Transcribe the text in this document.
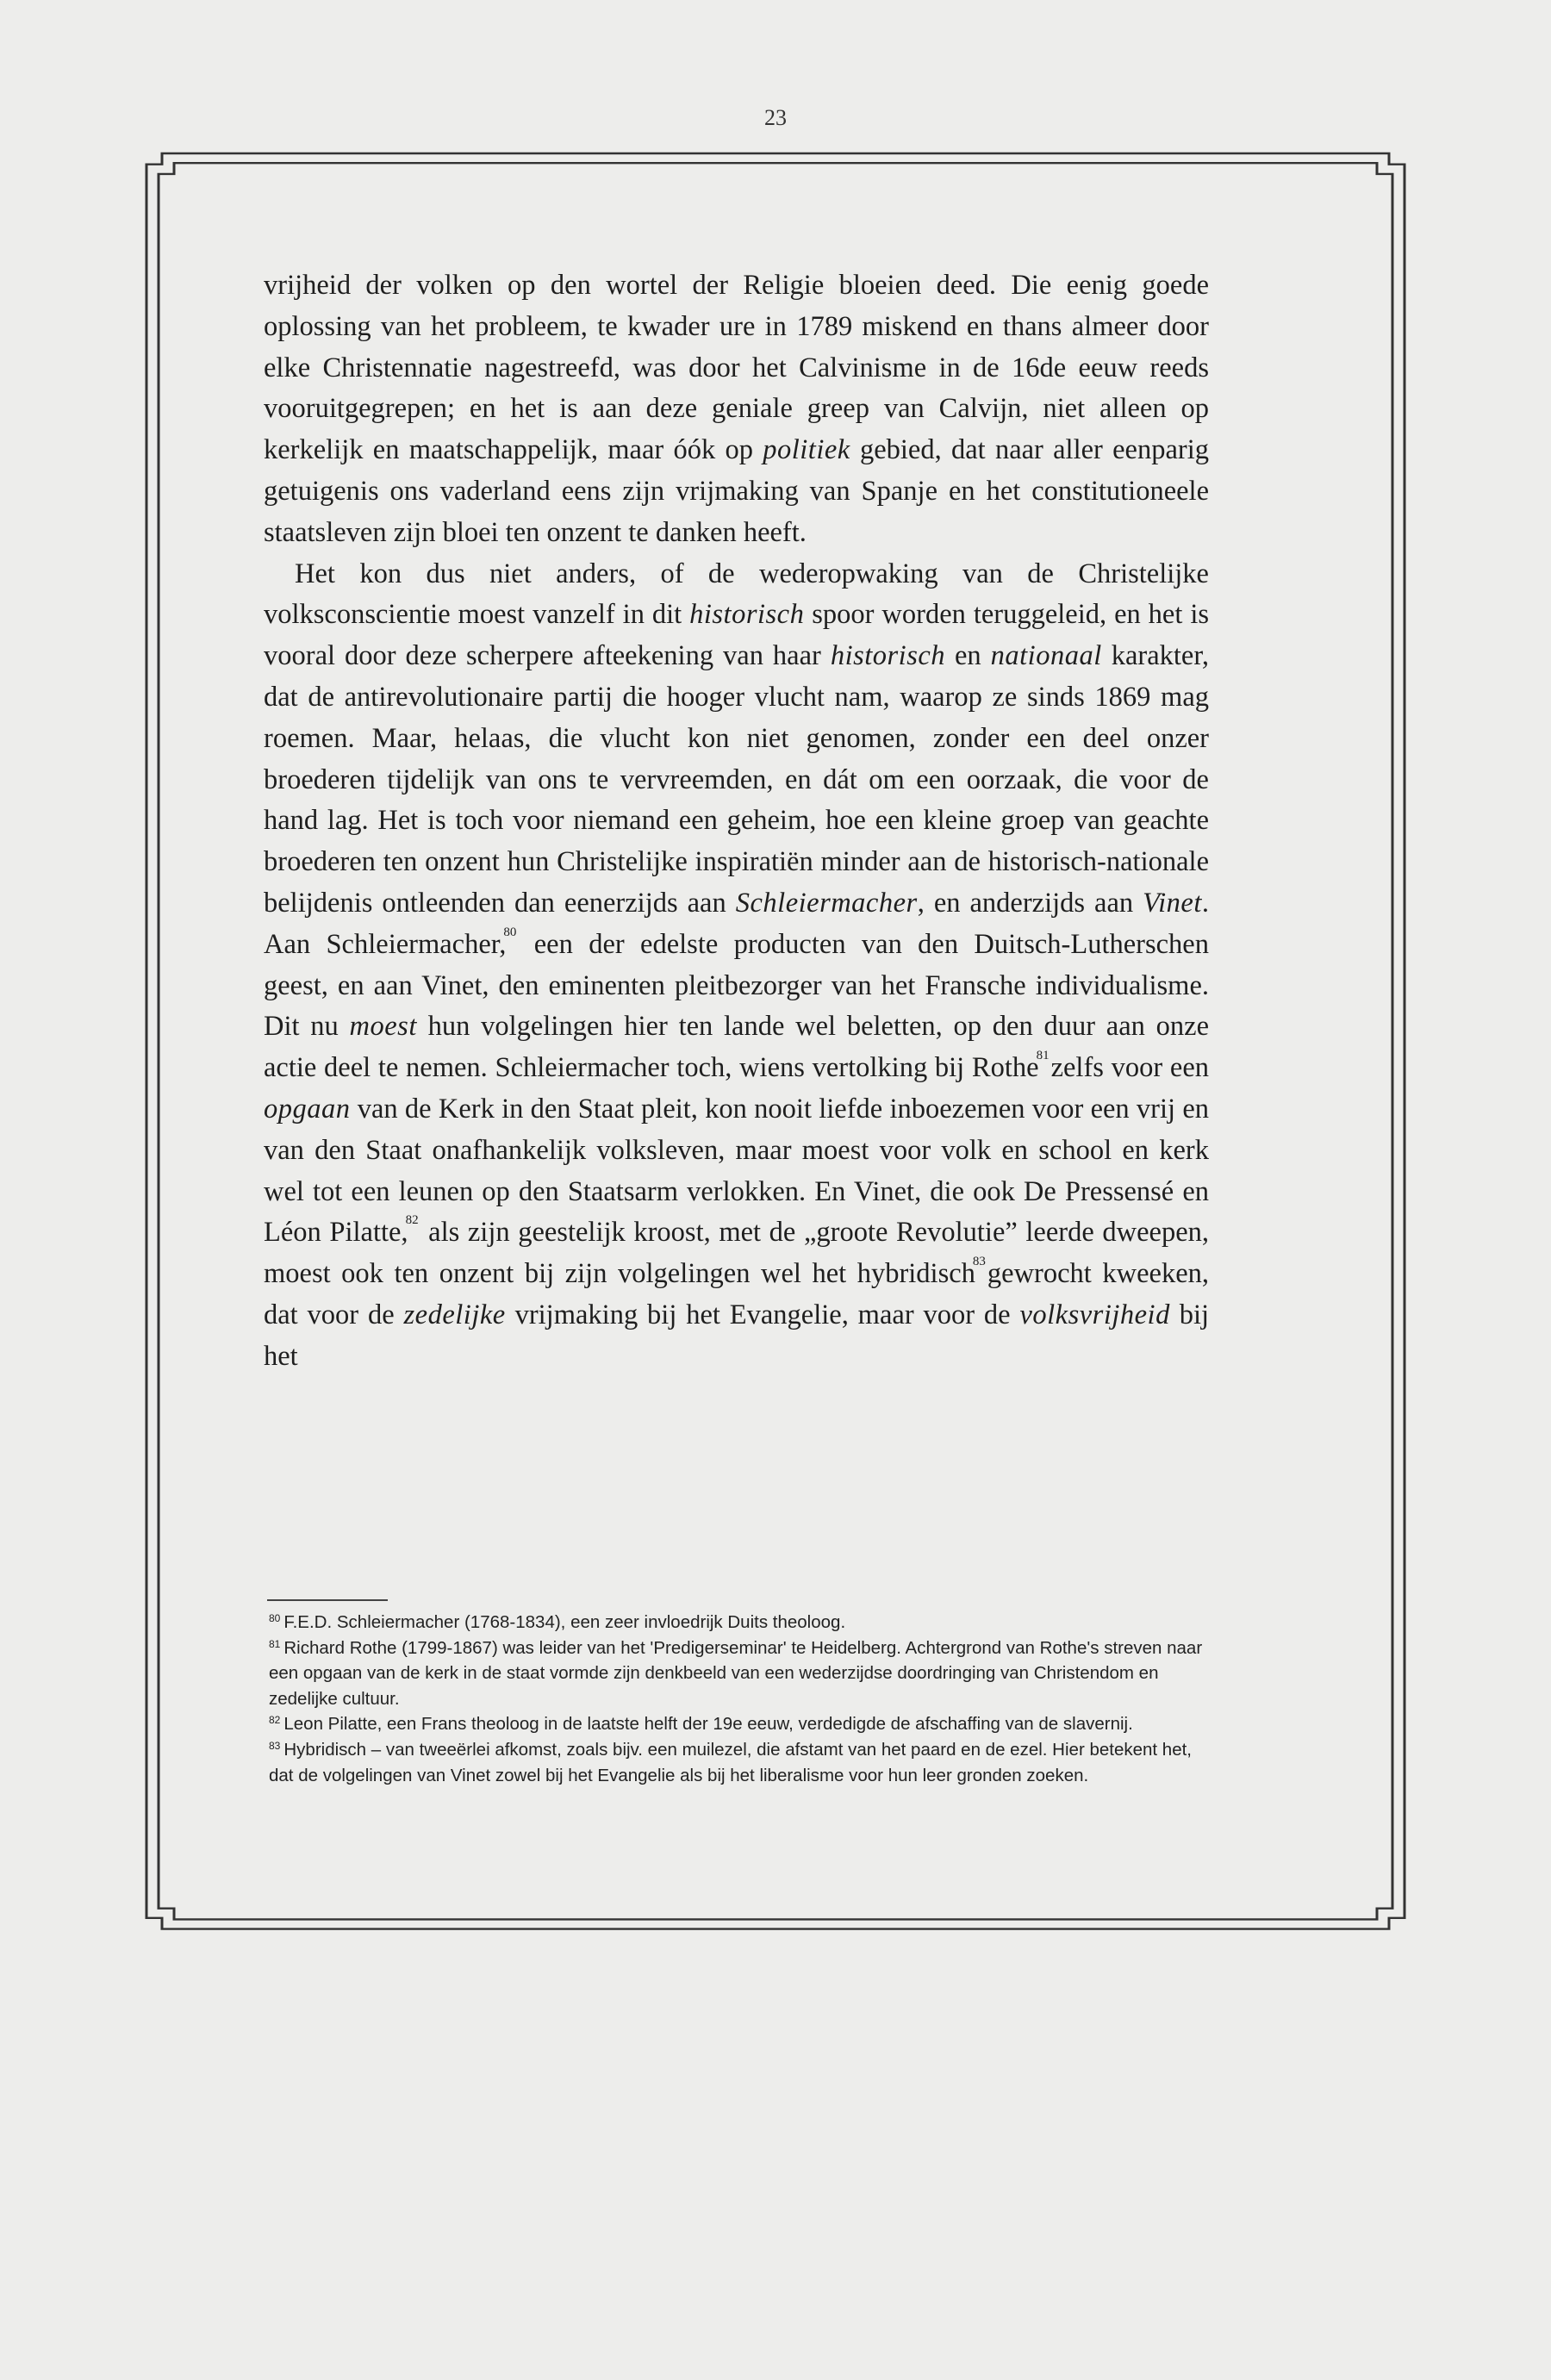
23

vrijheid der volken op den wortel der Religie bloeien deed. Die eenig goede oplossing van het probleem, te kwader ure in 1789 miskend en thans almeer door elke Christennatie nagestreefd, was door het Calvinisme in de 16de eeuw reeds vooruitgegrepen; en het is aan deze geniale greep van Calvijn, niet alleen op kerkelijk en maatschappelijk, maar óók op politiek gebied, dat naar aller eenparig getuigenis ons vaderland eens zijn vrijmaking van Spanje en het constitutioneele staatsleven zijn bloei ten onzent te danken heeft.

Het kon dus niet anders, of de wederopwaking van de Christelijke volksconscientie moest vanzelf in dit historisch spoor worden teruggeleid, en het is vooral door deze scherpere afteekening van haar historisch en nationaal karakter, dat de antirevolutionaire partij die hooger vlucht nam, waarop ze sinds 1869 mag roemen. Maar, helaas, die vlucht kon niet genomen, zonder een deel onzer broederen tijdelijk van ons te vervreemden, en dát om een oorzaak, die voor de hand lag. Het is toch voor niemand een geheim, hoe een kleine groep van geachte broederen ten onzent hun Christelijke inspiratiën minder aan de historisch-nationale belijdenis ontleenden dan eenerzijds aan Schleiermacher, en anderzijds aan Vinet. Aan Schleiermacher,$^{80}$ een der edelste producten van den Duitsch-Lutherschen geest, en aan Vinet, den eminenten pleitbezorger van het Fransche individualisme. Dit nu moest hun volgelingen hier ten lande wel beletten, op den duur aan onze actie deel te nemen. Schleiermacher toch, wiens vertolking bij Rothe$^{81}$zelfs voor een opgaan van de Kerk in den Staat pleit, kon nooit liefde inboezemen voor een vrij en van den Staat onafhankelijk volksleven, maar moest voor volk en school en kerk wel tot een leunen op den Staatsarm verlokken. En Vinet, die ook De Pressensé en Léon Pilatte,$^{82}$ als zijn geestelijk kroost, met de „groote Revolutie” leerde dweepen, moest ook ten onzent bij zijn volgelingen wel het hybridisch$^{83}$gewrocht kweeken, dat voor de zedelijke vrijmaking bij het Evangelie, maar voor de volksvrijheid bij het

$^{80}$ F.E.D. Schleiermacher (1768-1834), een zeer invloedrijk Duits theoloog.

$^{81}$ Richard Rothe (1799-1867) was leider van het 'Predigerseminar' te Heidelberg. Achtergrond van Rothe's streven naar een opgaan van de kerk in de staat vormde zijn denkbeeld van een wederzijdse doordringing van Christendom en zedelijke cultuur.

$^{82}$ Leon Pilatte, een Frans theoloog in de laatste helft der 19e eeuw, verdedigde de afschaffing van de slavernij.

$^{83}$ Hybridisch – van tweeërlei afkomst, zoals bijv. een muilezel, die afstamt van het paard en de ezel. Hier betekent het, dat de volgelingen van Vinet zowel bij het Evangelie als bij het liberalisme voor hun leer gronden zoeken.
